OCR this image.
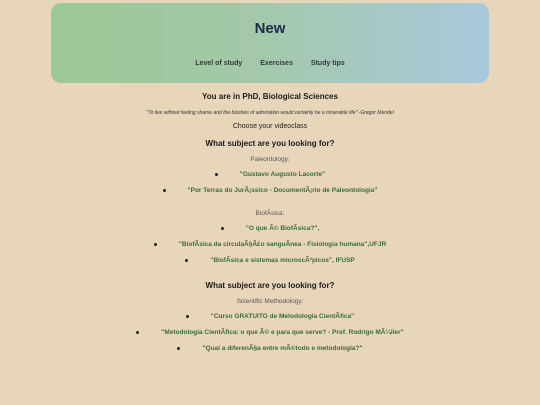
New
Level of study	Exercises	Study tips
You are in PhD, Biological Sciences
"To live without feeling shame and the blushes of admiration would certainly be a miserable life" -Gregor Mendel
Choose your videoclass
What subject are you looking for?
Paleontology:
"Gustavo Augusto Lacorte"
"Por Terras do JurÃ¡ssico - DocumentÃ¡rio de Paleontologia"
BiofÃsica:
"O que Ã© BiofÃsica?",
"BiofÃsica da circulaÃ§Ã£o sanguÃnea - Fisiologia humana",UFJR
"BiofÃsica e sistemas microscÃ³picos", IFUSP
What subject are you looking for?
Scientific Methodology:
"Curso GRATUITO de Metodologia CientÃfica"
"Metodologia CientÃfica: o que Ã© e para que serve? - Prof. Rodrigo MÃ¼ller"
"Qual a diferenÃ§a entre mÃ©todo e metodologia?"
